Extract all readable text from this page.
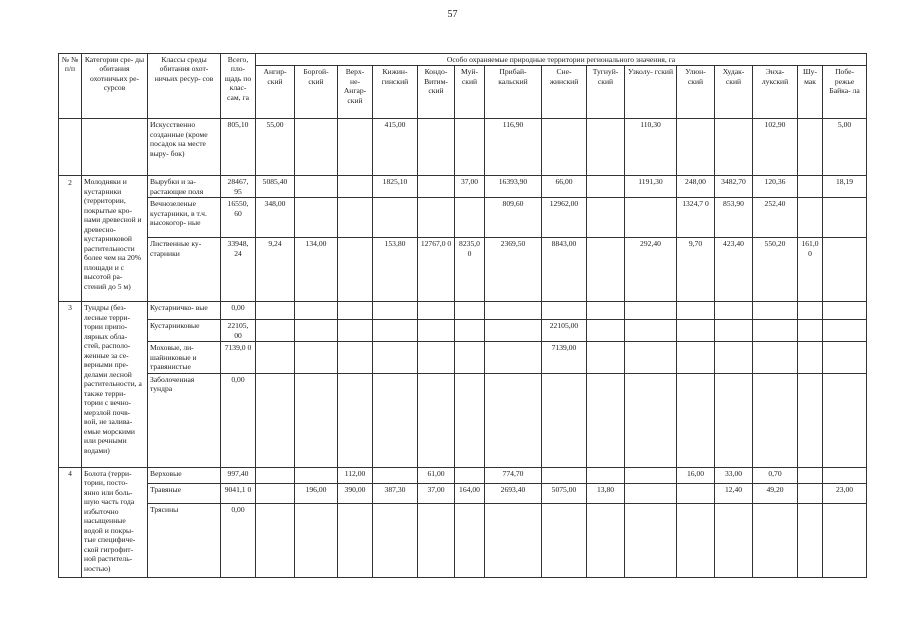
57
№ № п/п	Категории сре- ды обитания охотничьих ре- сурсов	Классы среды обитания охот- ничьих ресур- сов	Всего, пло- щадь по клас- сам, га	Особо охраняемые природные территории регионального значения, га														
				Ангир- ский	Боргой- ский	Верх- не- Ангар- ский	Кижин- гинский	Кондо- Витим- ский	Муй- ский	Прибай- кальский	Сне- жинский	Тугнуй- ский	Узколу- гский	Улюн- ский	Худак- ский	Энха- лукский	Шу- мак	Побе- режье Байка- ла
		Искусственно созданные (кроме посадок на месте выру- бок)	805,10	55,00			415,00			116,90			110,30			102,90		5,00
2	Молодняки и кустарники (территории, покрытые кро- нами древесной и древесно- кустарниковой растительности более чем на 20% площади и с высотой ра- стений до 5 м)	Вырубки и за- растающие поля	28467, 95	5085,40			1825,10		37,00	16393,90	66,00		1191,30	248,00	3482,70	120,36		18,19
		Вечнозеленые кустарники, в т.ч. высокогор- ные	16550, 60	348,00						809,60	12962,00			1324,7 0	853,90	252,40		
		Лиственные ку- старники	33948, 24	9,24	134,00		153,80	12767,0 0	8235,0 0	2369,50	8843,00		292,40	9,70	423,40	550,20	161,0 0	
3	Тундры (без- лесные терри- тории припо- лярных обла- стей, располо- женные за се- верными пре- делами лесной растительности, а также терри- тории с вечно- мерзлой почв- вой, не залива- емые морскими или речными водами)	Кустарничко- вые	0,00															
		Кустарниковые	22105, 00								22105,00							
		Моховые, ли- шайниковые и травянистые	7139,0 0								7139,00							
		Заболоченная тундра	0,00															
4	Болота (терри- тории, посто- янно или боль- шую часть года избыточно насыщенные водой и покры- тые специфиче- ской гигрофит- ной раститель- ностью)	Верховые	997,40			112,00		61,00		774,70				16,00	33,00	0,70		
		Травяные	9041,1 0		196,00	390,00	387,30	37,00	164,00	2693,40	5075,00	13,80			12,40	49,20		23,00
		Трясины	0,00															
